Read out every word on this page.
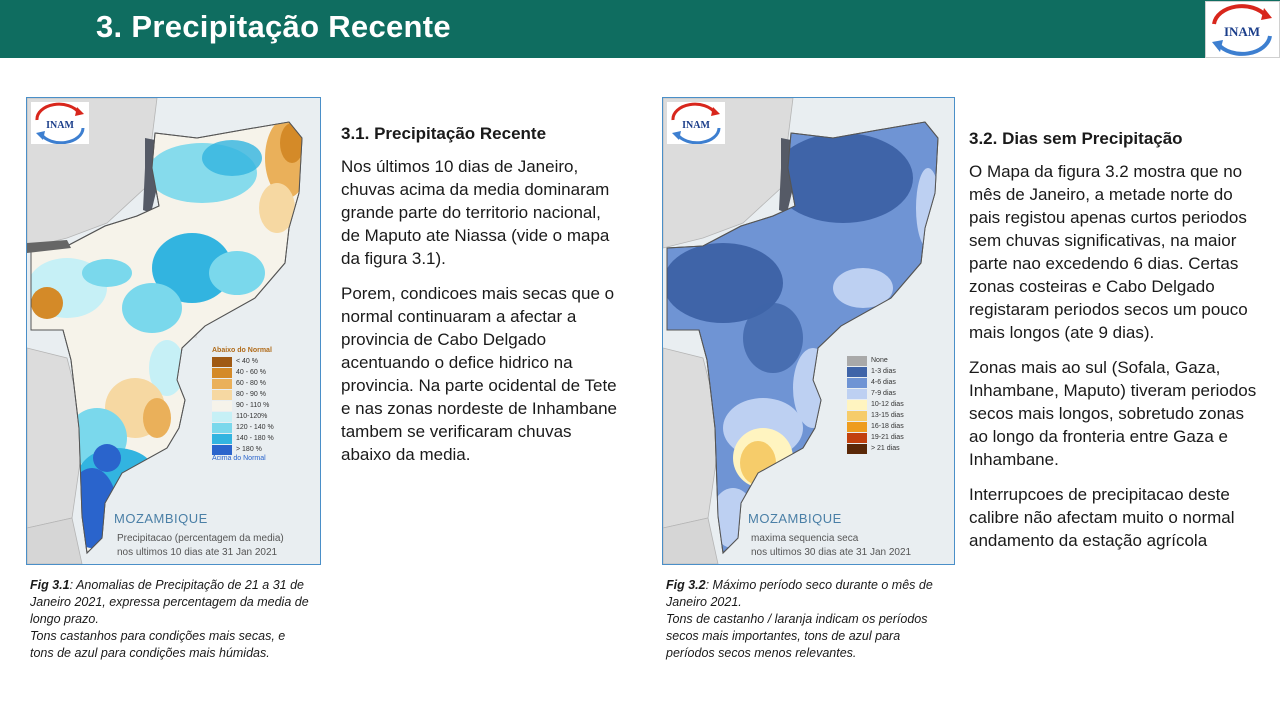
3. Precipitação Recente	INAM
INAM
Abaixo do Normal
< 40 %
40 - 60 %
60 - 80 %
80 - 90 %
90 - 110 %
110-120%
120 - 140 %
140 - 180 %
> 180 %
Acima do Normal
MOZAMBIQUE
Precipitacao (percentagem da media)
nos ultimos 10 dias ate 31 Jan 2021
Fig 3.1: Anomalias de Precipitação de 21 a 31 de Janeiro 2021, expressa percentagem da media de longo prazo.
Tons castanhos para condições mais secas, e tons de azul para condições mais húmidas.
3.1. Precipitação Recente

Nos últimos 10 dias de Janeiro, chuvas acima da media dominaram grande parte do territorio nacional, de Maputo ate Niassa (vide o mapa da figura 3.1).

Porem, condicoes mais secas que o normal continuaram a afectar a provincia de Cabo Delgado acentuando o defice hidrico na provincia. Na parte ocidental de Tete e nas zonas nordeste de Inhambane tambem se verificaram chuvas abaixo da media.

INAM
None
1-3 dias
4-6 dias
7-9 dias
10-12 dias
13-15 dias
16-18 dias
19-21 dias
> 21 dias
MOZAMBIQUE
maxima sequencia seca
nos ultimos 30 dias ate 31 Jan 2021
Fig 3.2: Máximo período seco durante o mês de Janeiro 2021.
Tons de castanho / laranja indicam os períodos secos mais importantes, tons de azul para períodos secos menos relevantes.
3.2. Dias sem Precipitação

O Mapa da figura 3.2 mostra que no mês de Janeiro, a metade norte do pais registou apenas curtos periodos sem chuvas significativas, na maior parte nao excedendo 6 dias. Certas zonas costeiras e Cabo Delgado registaram periodos secos um pouco mais longos (ate 9 dias).

Zonas mais ao sul (Sofala, Gaza, Inhambane, Maputo) tiveram periodos secos mais longos, sobretudo zonas ao longo da fronteria entre Gaza e Inhambane.

Interrupcoes de precipitacao deste calibre não afectam muito o normal andamento da estação agrícola
